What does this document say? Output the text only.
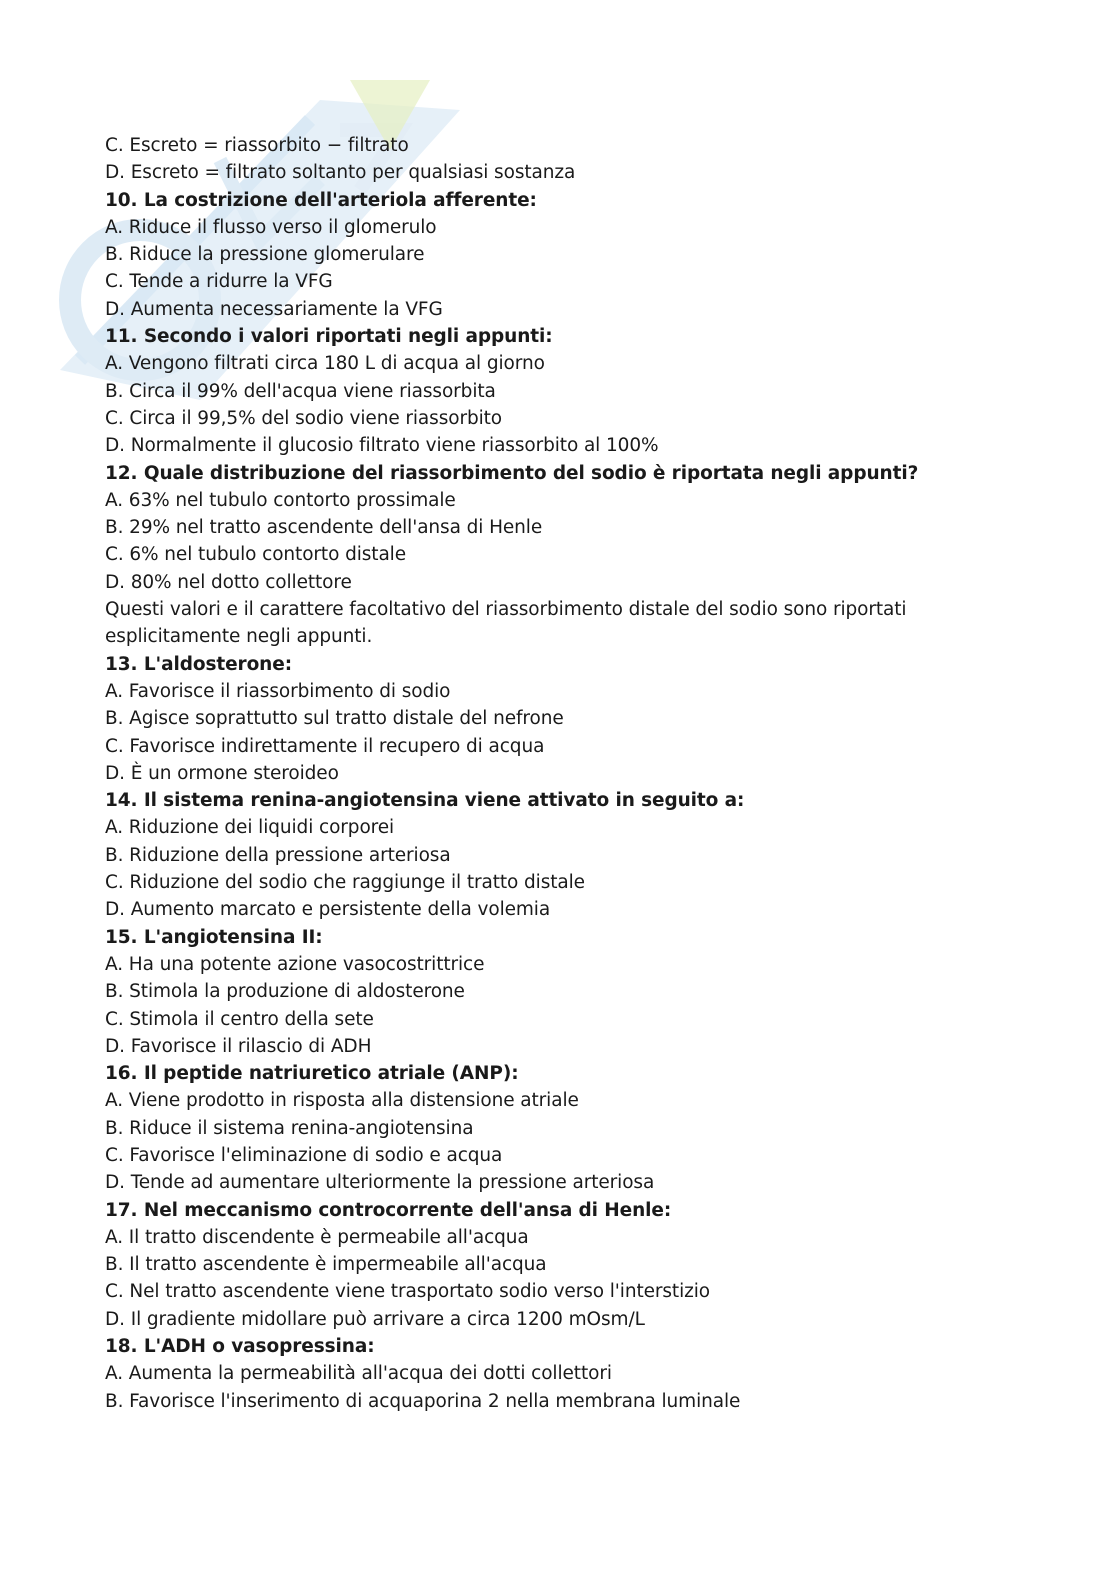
C. Escreto = riassorbito − filtrato
D. Escreto = filtrato soltanto per qualsiasi sostanza
10. La costrizione dell'arteriola afferente:
A. Riduce il flusso verso il glomerulo
B. Riduce la pressione glomerulare
C. Tende a ridurre la VFG
D. Aumenta necessariamente la VFG
11. Secondo i valori riportati negli appunti:
A. Vengono filtrati circa 180 L di acqua al giorno
B. Circa il 99% dell'acqua viene riassorbita
C. Circa il 99,5% del sodio viene riassorbito
D. Normalmente il glucosio filtrato viene riassorbito al 100%
12. Quale distribuzione del riassorbimento del sodio è riportata negli appunti?
A. 63% nel tubulo contorto prossimale
B. 29% nel tratto ascendente dell'ansa di Henle
C. 6% nel tubulo contorto distale
D. 80% nel dotto collettore
Questi valori e il carattere facoltativo del riassorbimento distale del sodio sono riportati
esplicitamente negli appunti.
13. L'aldosterone:
A. Favorisce il riassorbimento di sodio
B. Agisce soprattutto sul tratto distale del nefrone
C. Favorisce indirettamente il recupero di acqua
D. È un ormone steroideo
14. Il sistema renina-angiotensina viene attivato in seguito a:
A. Riduzione dei liquidi corporei
B. Riduzione della pressione arteriosa
C. Riduzione del sodio che raggiunge il tratto distale
D. Aumento marcato e persistente della volemia
15. L'angiotensina II:
A. Ha una potente azione vasocostrittrice
B. Stimola la produzione di aldosterone
C. Stimola il centro della sete
D. Favorisce il rilascio di ADH
16. Il peptide natriuretico atriale (ANP):
A. Viene prodotto in risposta alla distensione atriale
B. Riduce il sistema renina-angiotensina
C. Favorisce l'eliminazione di sodio e acqua
D. Tende ad aumentare ulteriormente la pressione arteriosa
17. Nel meccanismo controcorrente dell'ansa di Henle:
A. Il tratto discendente è permeabile all'acqua
B. Il tratto ascendente è impermeabile all'acqua
C. Nel tratto ascendente viene trasportato sodio verso l'interstizio
D. Il gradiente midollare può arrivare a circa 1200 mOsm/L
18. L'ADH o vasopressina:
A. Aumenta la permeabilità all'acqua dei dotti collettori
B. Favorisce l'inserimento di acquaporina 2 nella membrana luminale
